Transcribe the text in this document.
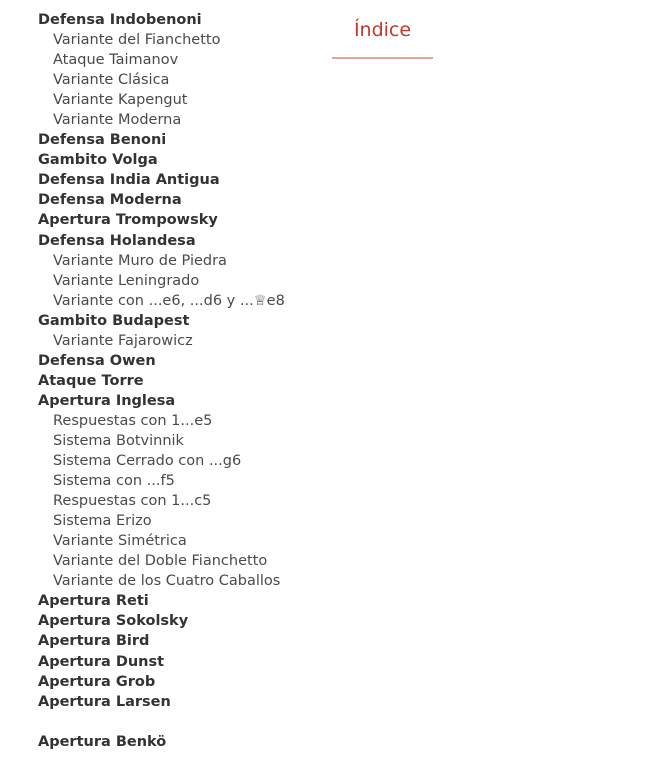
Índice
Defensa Indobenoni
Variante del Fianchetto
Ataque Taimanov
Variante Clásica
Variante Kapengut
Variante Moderna
Defensa Benoni
Gambito Volga
Defensa India Antigua
Defensa Moderna
Apertura Trompowsky
Defensa Holandesa
Variante Muro de Piedra
Variante Leningrado
Variante con ...e6, ...d6 y ...♕e8
Gambito Budapest
Variante Fajarowicz
Defensa Owen
Ataque Torre
Apertura Inglesa
Respuestas con 1...e5
Sistema Botvinnik
Sistema Cerrado con ...g6
Sistema con ...f5
Respuestas con 1...c5
Sistema Erizo
Variante Simétrica
Variante del Doble Fianchetto
Variante de los Cuatro Caballos
Apertura Reti
Apertura Sokolsky
Apertura Bird
Apertura Dunst
Apertura Grob
Apertura Larsen
Apertura Benkö
